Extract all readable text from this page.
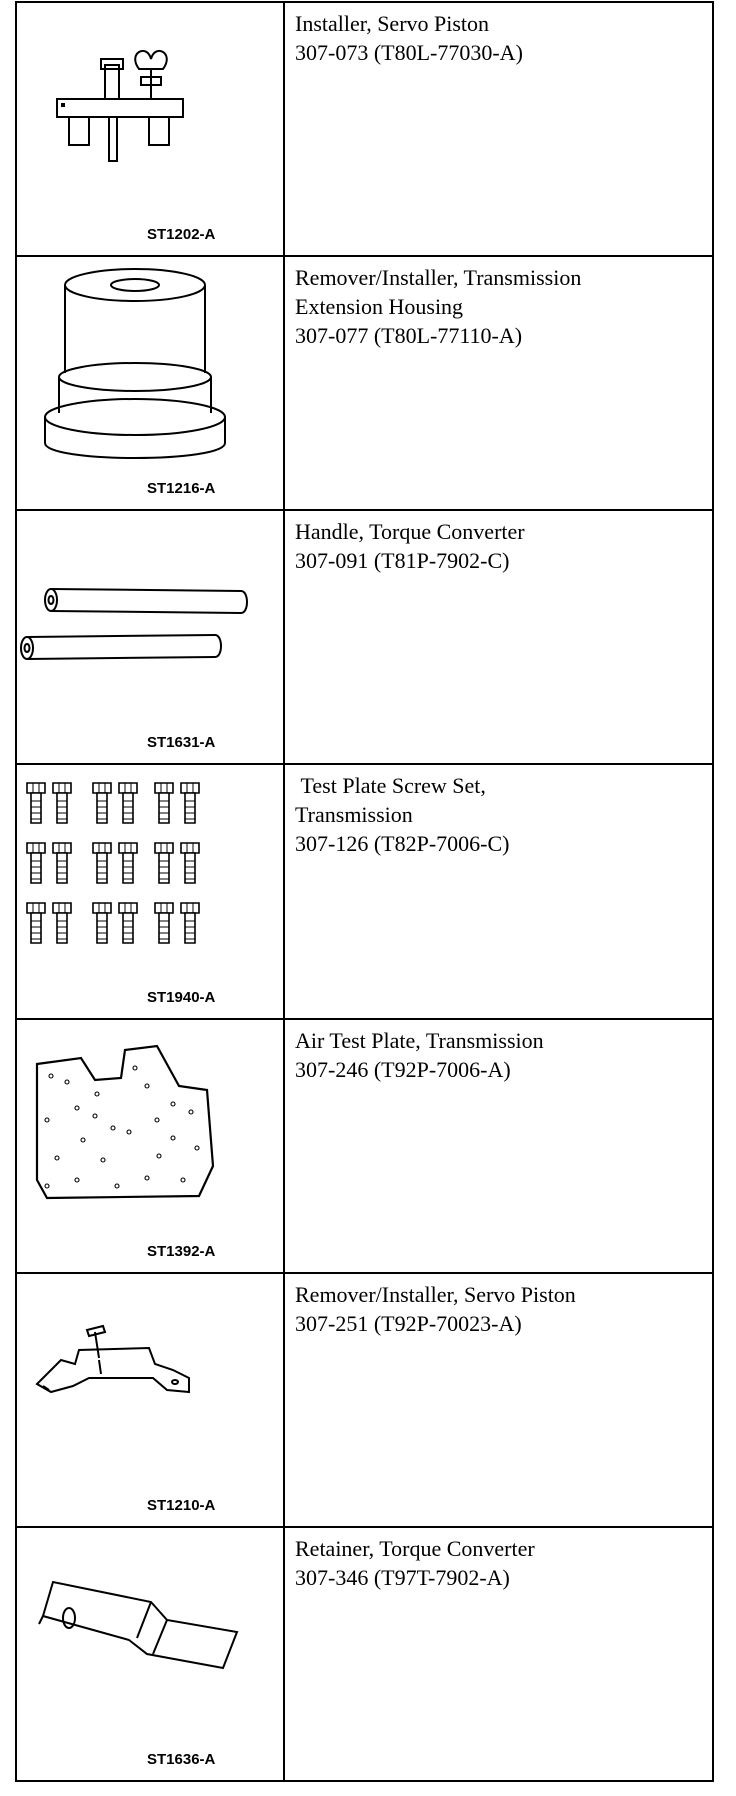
ST1202-A	Installer, Servo Piston
307-073 (T80L-77030-A)

ST1216-A	Remover/Installer, Transmission
Extension Housing
307-077 (T80L-77110-A)

ST1631-A	Handle, Torque Converter
307-091 (T81P-7902-C)

ST1940-A	Test Plate Screw Set,
Transmission
307-126 (T82P-7006-C)

ST1392-A	Air Test Plate, Transmission
307-246 (T92P-7006-A)

ST1210-A	Remover/Installer, Servo Piston
307-251 (T92P-70023-A)

ST1636-A	Retainer, Torque Converter
307-346 (T97T-7902-A)
